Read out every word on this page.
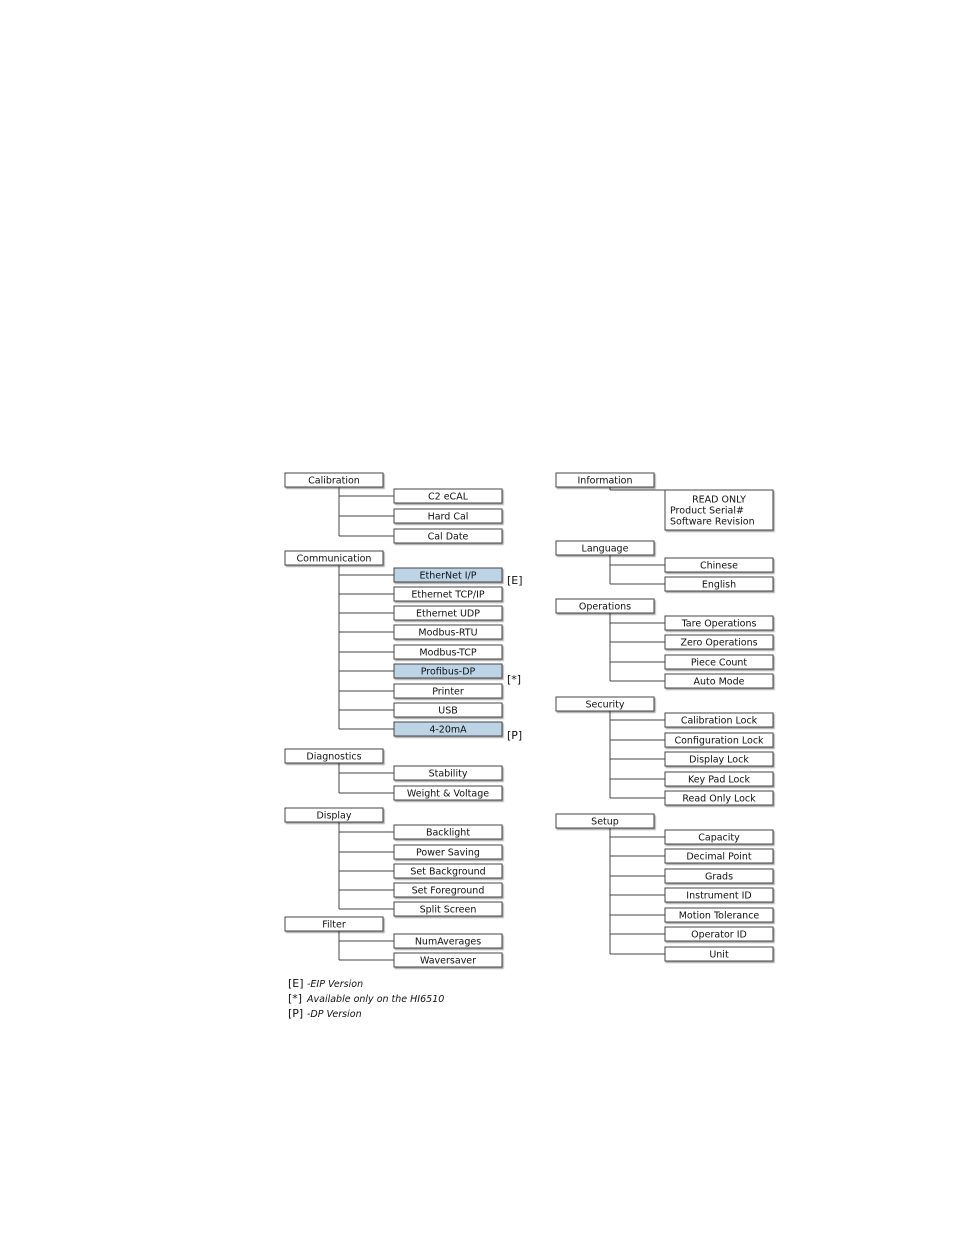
Calibration
C2 eCAL
Hard Cal
Cal Date
Communication
EtherNet I/P	[E]
Ethernet TCP/IP
Ethernet UDP
Modbus-RTU
Modbus-TCP
Profibus-DP
[*]
Printer
USB
4-20mA	[P]
Diagnostics
Stability
Weight & Voltage
Display
Backlight
Power Saving
Set Background
Set Foreground
Split Screen
Filter
NumAverages
Waversaver
Information
READ ONLY
Product Serial#
Software Revision
Language
Chinese
English
Operations
Tare Operations
Zero Operations
Piece Count
Auto Mode
Security
Calibration Lock
Configuration Lock
Display Lock
Key Pad Lock
Read Only Lock
Setup
Capacity
Decimal Point
Grads
Instrument ID
Motion Tolerance
Operator ID
Unit
[E] -EIP Version
[*] Available only on the HI6510
[P] -DP Version
